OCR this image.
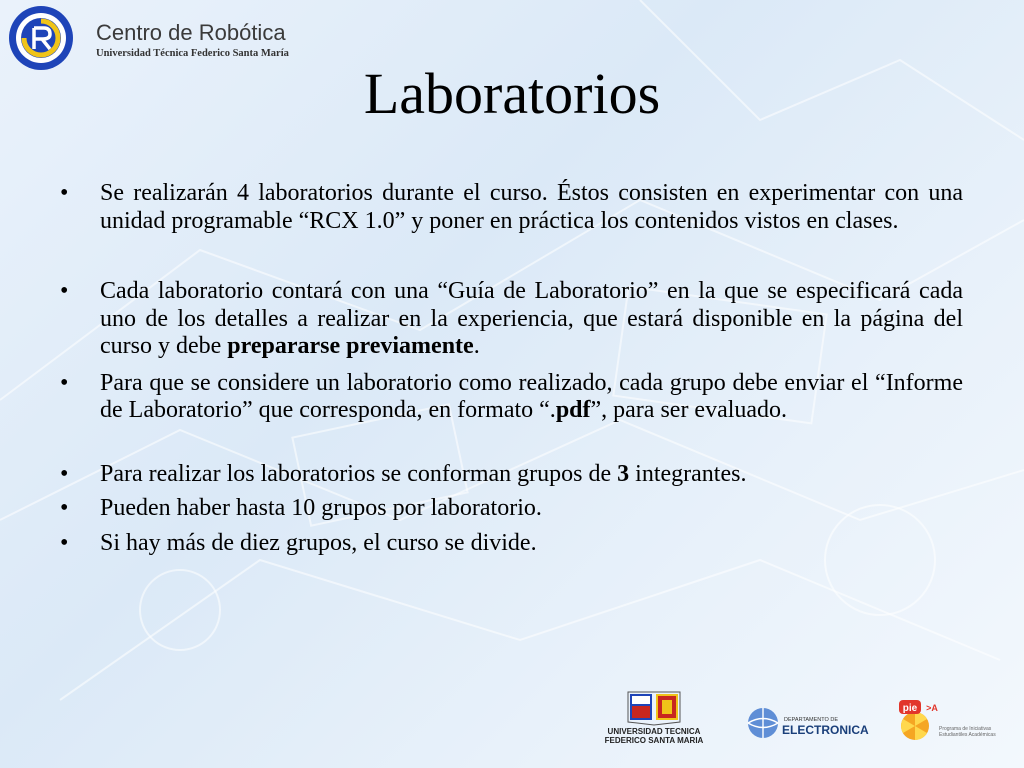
Centro de Robótica
Universidad Técnica Federico Santa María
Laboratorios
• Se realizarán 4 laboratorios durante el curso. Éstos consisten en experimentar con una unidad programable “RCX 1.0” y poner en práctica los contenidos vistos en clases.
• Cada laboratorio contará con una “Guía de Laboratorio” en la que se especificará cada uno de los detalles a realizar en la experiencia, que estará disponible en la página del curso y debe prepararse previamente.
• Para que se considere un laboratorio como realizado, cada grupo debe enviar el “Informe de Laboratorio” que corresponda, en formato “.pdf”, para ser evaluado.
• Para realizar los laboratorios se conforman grupos de 3 integrantes.
• Pueden haber hasta 10 grupos por laboratorio.
• Si hay más de diez grupos, el curso se divide.
UNIVERSIDAD TECNICA
FEDERICO SANTA MARIA
DEPARTAMENTO DE
ELECTRONICA
pie >A
Programa de Iniciativas Estudiantiles Académicas
